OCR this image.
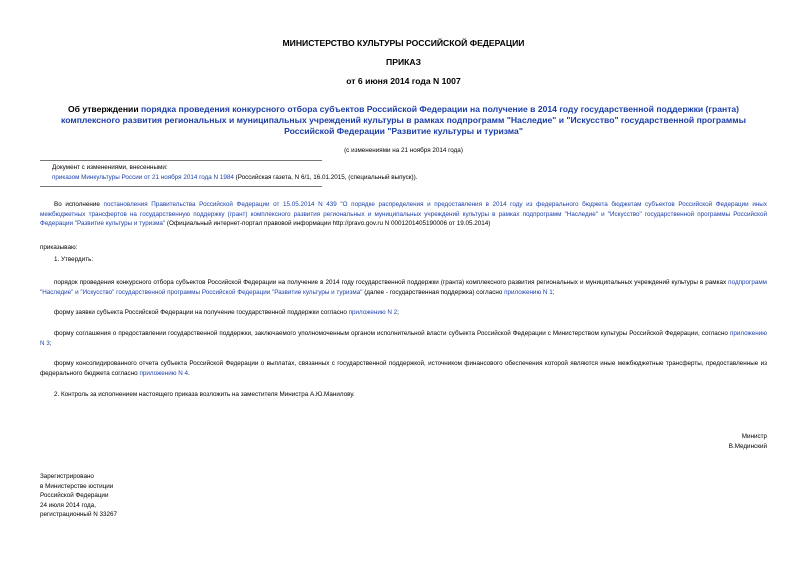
МИНИСТЕРСТВО КУЛЬТУРЫ РОССИЙСКОЙ ФЕДЕРАЦИИ
ПРИКАЗ
от 6 июня 2014 года N 1007
Об утверждении порядка проведения конкурсного отбора субъектов Российской Федерации на получение в 2014 году государственной поддержки (гранта) комплексного развития региональных и муниципальных учреждений культуры в рамках подпрограмм "Наследие" и "Искусство" государственной программы Российской Федерации "Развитие культуры и туризма"
(с изменениями на 21 ноября 2014 года)
Документ с изменениями, внесенными:
приказом Минкультуры России от 21 ноября 2014 года N 1984 (Российская газета, N 6/1, 16.01.2015, (специальный выпуск)).
Во исполнение постановления Правительства Российской Федерации от 15.05.2014 N 439 "О порядке распределения и предоставления в 2014 году из федерального бюджета бюджетам субъектов Российской Федерации иных межбюджетных трансфертов на государственную поддержку (грант) комплексного развития региональных и муниципальных учреждений культуры в рамках подпрограмм "Наследие" и "Искусство" государственной программы Российской Федерации "Развитие культуры и туризма" (Официальный интернет-портал правовой информации http://pravo.gov.ru N 0001201405190006 от 19.05.2014)
приказываю:
1. Утвердить:
порядок проведения конкурсного отбора субъектов Российской Федерации на получение в 2014 году государственной поддержки (гранта) комплексного развития региональных и муниципальных учреждений культуры в рамках подпрограмм "Наследие" и "Искусство" государственной программы Российской Федерации "Развитие культуры и туризма" (далее - государственная поддержка) согласно приложению N 1;
форму заявки субъекта Российской Федерации на получение государственной поддержки согласно приложению N 2;
форму соглашения о предоставлении государственной поддержки, заключаемого уполномоченным органом исполнительной власти субъекта Российской Федерации с Министерством культуры Российской Федерации, согласно приложению N 3;
форму консолидированного отчета субъекта Российской Федерации о выплатах, связанных с государственной поддержкой, источником финансового обеспечения которой являются иные межбюджетные трансферты, предоставленные из федерального бюджета согласно приложению N 4.
2. Контроль за исполнением настоящего приказа возложить на заместителя Министра А.Ю.Манилову.
Министр
В.Мединский
Зарегистрировано
в Министерстве юстиции
Российской Федерации
24 июля 2014 года,
регистрационный N 33267
